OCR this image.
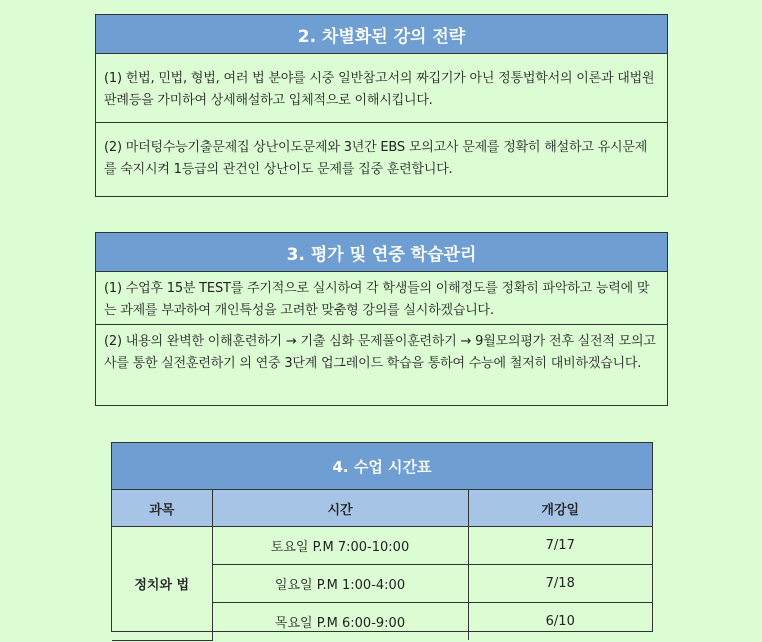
2. 차별화된 강의 전략
(1) 헌법, 민법, 형법, 여러 법 분야를 시중 일반참고서의 짜깁기가 아닌 정통법학서의 이론과 대법원판례등을 가미하여 상세해설하고 입체적으로 이해시킵니다.
(2) 마더텅수능기출문제집 상난이도문제와 3년간 EBS 모의고사 문제를 정확히 해설하고 유시문제를 숙지시켜 1등급의 관건인 상난이도 문제를 집중 훈련합니다.
3. 평가 및 연중 학습관리
(1) 수업후 15분 TEST를 주기적으로 실시하여 각 학생들의 이해정도를 정확히 파악하고 능력에 맞는 과제를 부과하여 개인특성을 고려한 맞춤형 강의를 실시하겠습니다.
(2) 내용의 완벽한 이해훈련하기 → 기출 심화 문제풀이훈련하기 → 9월모의평가 전후 실전적 모의고사를 통한 실전훈련하기 의 연중 3단계 업그레이드 학습을 통하여 수능에 철저히 대비하겠습니다.
4. 수업 시간표
과목	시간	개강일
정치와 법	토요일 P.M 7:00-10:00	7/17
	일요일 P.M 1:00-4:00	7/18
	목요일 P.M 6:00-9:00	6/10
